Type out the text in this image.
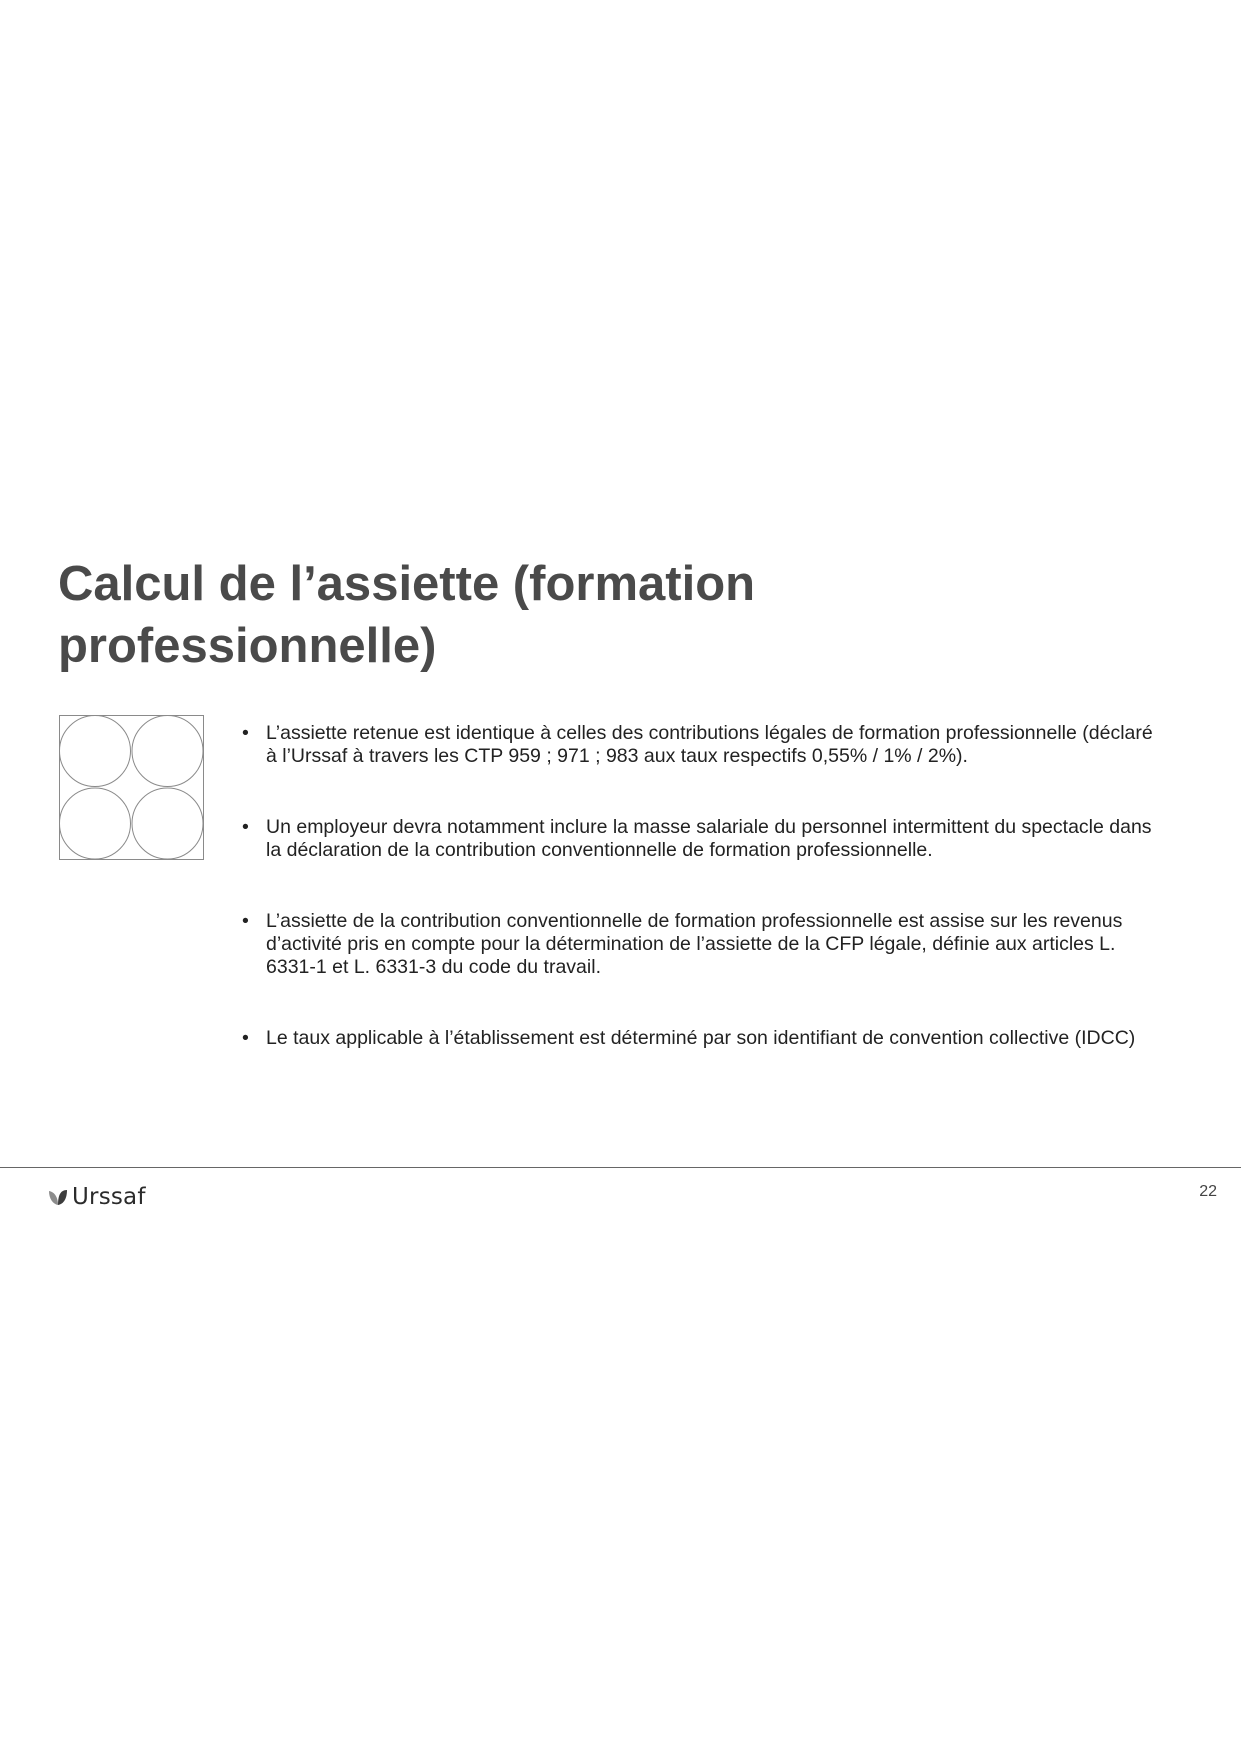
Calcul de l’assiette (formation professionnelle)
• L’assiette retenue est identique à celles des contributions légales de formation professionnelle (déclaré à l’Urssaf à travers les CTP 959 ; 971 ; 983 aux taux respectifs 0,55% / 1% / 2%).
• Un employeur devra notamment inclure la masse salariale du personnel intermittent du spectacle dans la déclaration de la contribution conventionnelle de formation professionnelle.
• L’assiette de la contribution conventionnelle de formation professionnelle est assise sur les revenus d’activité pris en compte pour la détermination de l’assiette de la CFP légale, définie aux articles L. 6331-1 et L. 6331-3 du code du travail.
• Le taux applicable à l’établissement est déterminé par son identifiant de convention collective (IDCC)
Urssaf	22
